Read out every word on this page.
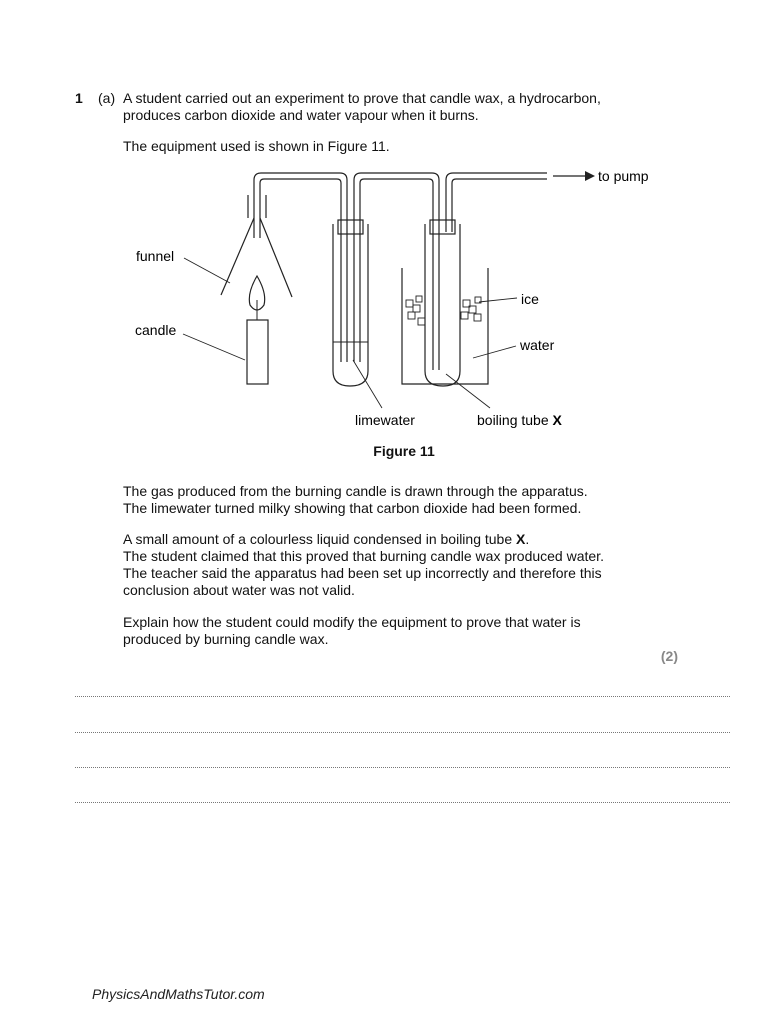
1 (a) A student carried out an experiment to prove that candle wax, a hydrocarbon,
produces carbon dioxide and water vapour when it burns.
The equipment used is shown in Figure 11.
to pump
funnel
candle
ice
water
limewater	boiling tube X
Figure 11
The gas produced from the burning candle is drawn through the apparatus.
The limewater turned milky showing that carbon dioxide had been formed.
A small amount of a colourless liquid condensed in boiling tube X.
The student claimed that this proved that burning candle wax produced water.
The teacher said the apparatus had been set up incorrectly and therefore this
conclusion about water was not valid.
Explain how the student could modify the equipment to prove that water is
produced by burning candle wax.
(2)
PhysicsAndMathsTutor.com
